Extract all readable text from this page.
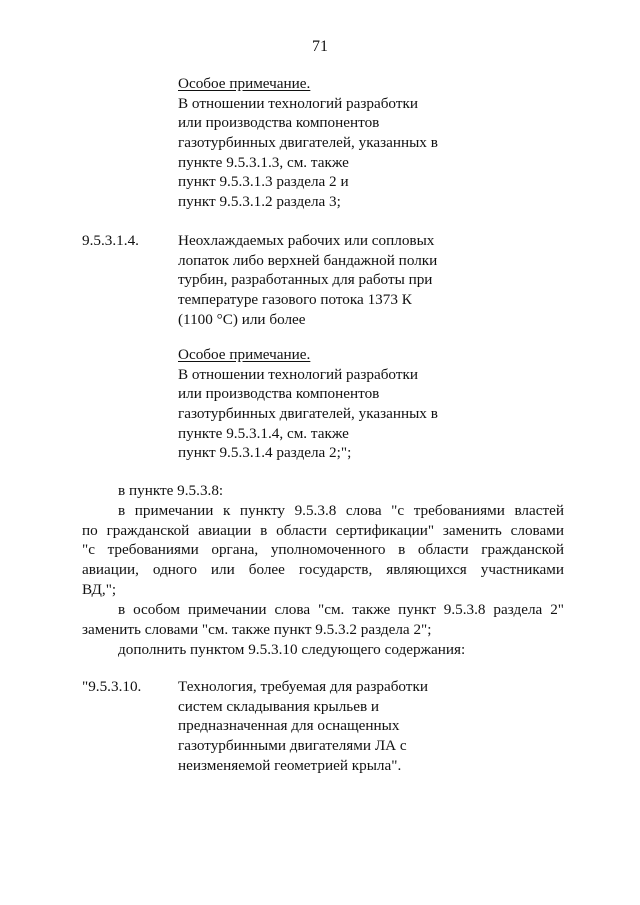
71
Особое примечание.
В отношении технологий разработки
или производства компонентов
газотурбинных двигателей, указанных в
пункте 9.5.3.1.3, см. также
пункт 9.5.3.1.3 раздела 2 и
пункт 9.5.3.1.2 раздела 3;
9.5.3.1.4.	Неохлаждаемых рабочих или сопловых
лопаток либо верхней бандажной полки
турбин, разработанных для работы при
температуре газового потока 1373 К
(1100 °С) или более
Особое примечание.
В отношении технологий разработки
или производства компонентов
газотурбинных двигателей, указанных в
пункте 9.5.3.1.4, см. также
пункт 9.5.3.1.4 раздела 2;";
в пункте 9.5.3.8:
в примечании к пункту 9.5.3.8 слова "с требованиями властей
по гражданской авиации в области сертификации" заменить словами
"с требованиями органа, уполномоченного в области гражданской
авиации, одного или более государств, являющихся участниками
ВД,";
в особом примечании слова "см. также пункт 9.5.3.8 раздела 2"
заменить словами "см. также пункт 9.5.3.2 раздела 2";
дополнить пунктом 9.5.3.10 следующего содержания:
"9.5.3.10. Технология, требуемая для разработки
систем складывания крыльев и
предназначенная для оснащенных
газотурбинными двигателями ЛА с
неизменяемой геометрией крыла".
